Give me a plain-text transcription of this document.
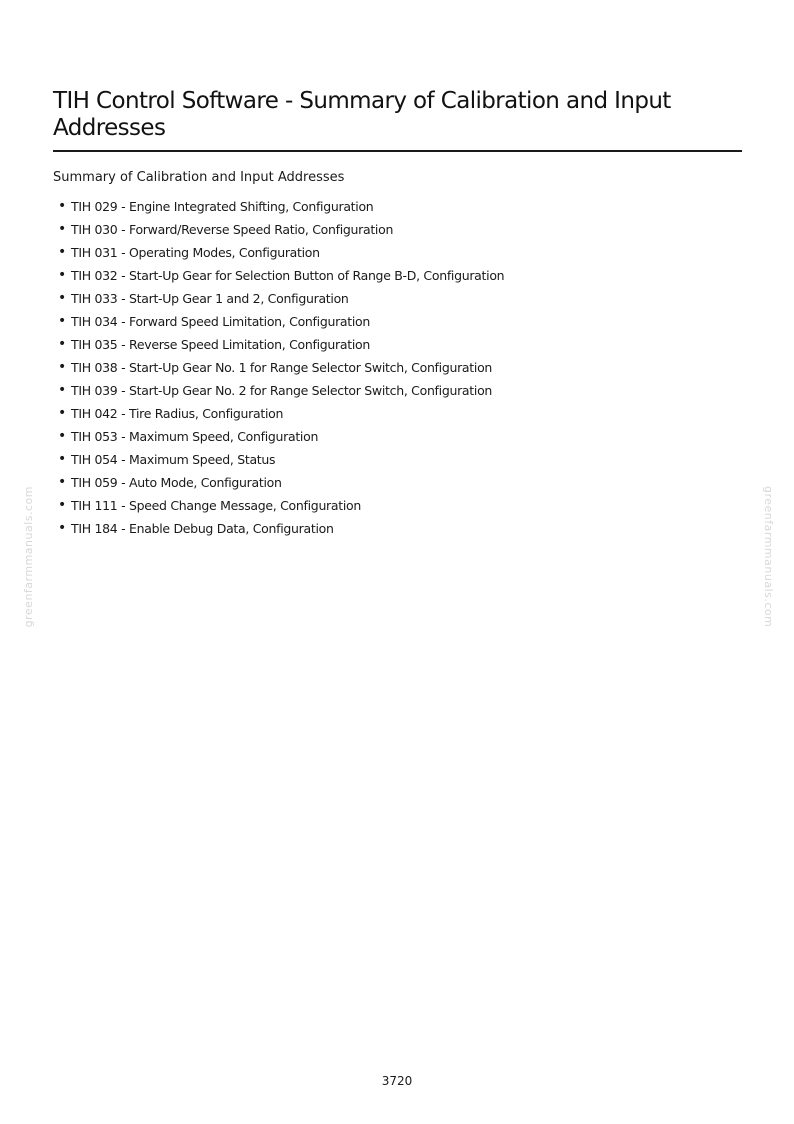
TIH Control Software - Summary of Calibration and Input Addresses
Summary of Calibration and Input Addresses
• TIH 029 - Engine Integrated Shifting, Configuration
• TIH 030 - Forward/Reverse Speed Ratio, Configuration
• TIH 031 - Operating Modes, Configuration
• TIH 032 - Start-Up Gear for Selection Button of Range B-D, Configuration
• TIH 033 - Start-Up Gear 1 and 2, Configuration
• TIH 034 - Forward Speed Limitation, Configuration
• TIH 035 - Reverse Speed Limitation, Configuration
• TIH 038 - Start-Up Gear No. 1 for Range Selector Switch, Configuration
• TIH 039 - Start-Up Gear No. 2 for Range Selector Switch, Configuration
• TIH 042 - Tire Radius, Configuration
• TIH 053 - Maximum Speed, Configuration
• TIH 054 - Maximum Speed, Status
• TIH 059 - Auto Mode, Configuration
• TIH 111 - Speed Change Message, Configuration
• TIH 184 - Enable Debug Data, Configuration
greenfarmmanuals.com	greenfarmmanuals.com
3720
